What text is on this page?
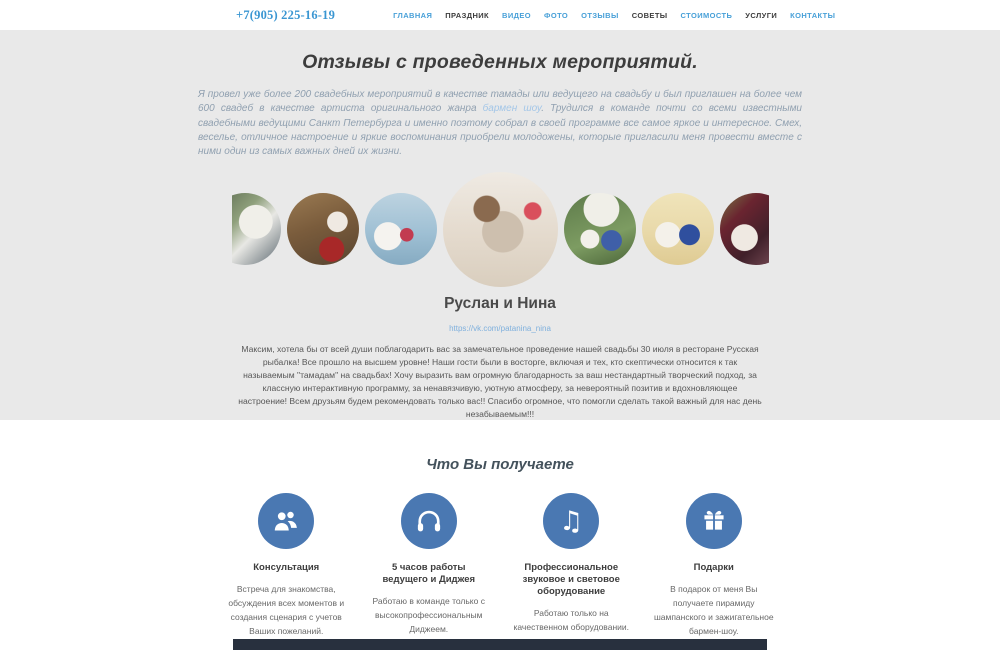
+7(905) 225-16-19	ГЛАВНАЯ ПРАЗДНИК ВИДЕО ФОТО ОТЗЫВЫ СОВЕТЫ СТОИМОСТЬ УСЛУГИ КОНТАКТЫ
Отзывы с проведенных мероприятий.

Я провел уже более 200 свадебных мероприятий в качестве тамады или ведущего на свадьбу и был приглашен на более чем 600 свадеб в качестве артиста оригинального жанра бармен шоу. Трудился в команде почти со всеми известными свадебными ведущими Санкт Петербурга и именно поэтому собрал в своей программе все самое яркое и интересное. Смех, веселье, отличное настроение и яркие воспоминания приобрели молодожены, которые пригласили меня провести вместе с ними один из самых важных дней их жизни.

Руслан и Нина
https://vk.com/patanina_nina

Максим, хотела бы от всей души поблагодарить вас за замечательное проведение нашей свадьбы 30 июля в ресторане Русская рыбалка! Все прошло на высшем уровне! Наши гости были в восторге, включая и тех, кто скептически относится к так называемым "тамадам" на свадьбах! Хочу выразить вам огромную благодарность за ваш нестандартный творческий подход, за классную интерактивную программу, за ненавязчивую, уютную атмосферу, за невероятный позитив и вдохновляющее настроение! Всем друзьям будем рекомендовать только вас!! Спасибо огромное, что помогли сделать такой важный для нас день незабываемым!!!

Что Вы получаете
Консультация
Встреча для знакомства, обсуждения всех моментов и создания сценария с учетов Ваших пожеланий.
5 часов работы ведущего и Диджея
Работаю в команде только с высокопрофессиональным Диджеем.
♫
Профессиональное звуковое и световое оборудование
Работаю только на качественном оборудовании.
Подарки
В подарок от меня Вы получаете пирамиду шампанского и зажигательное бармен-шоу.
